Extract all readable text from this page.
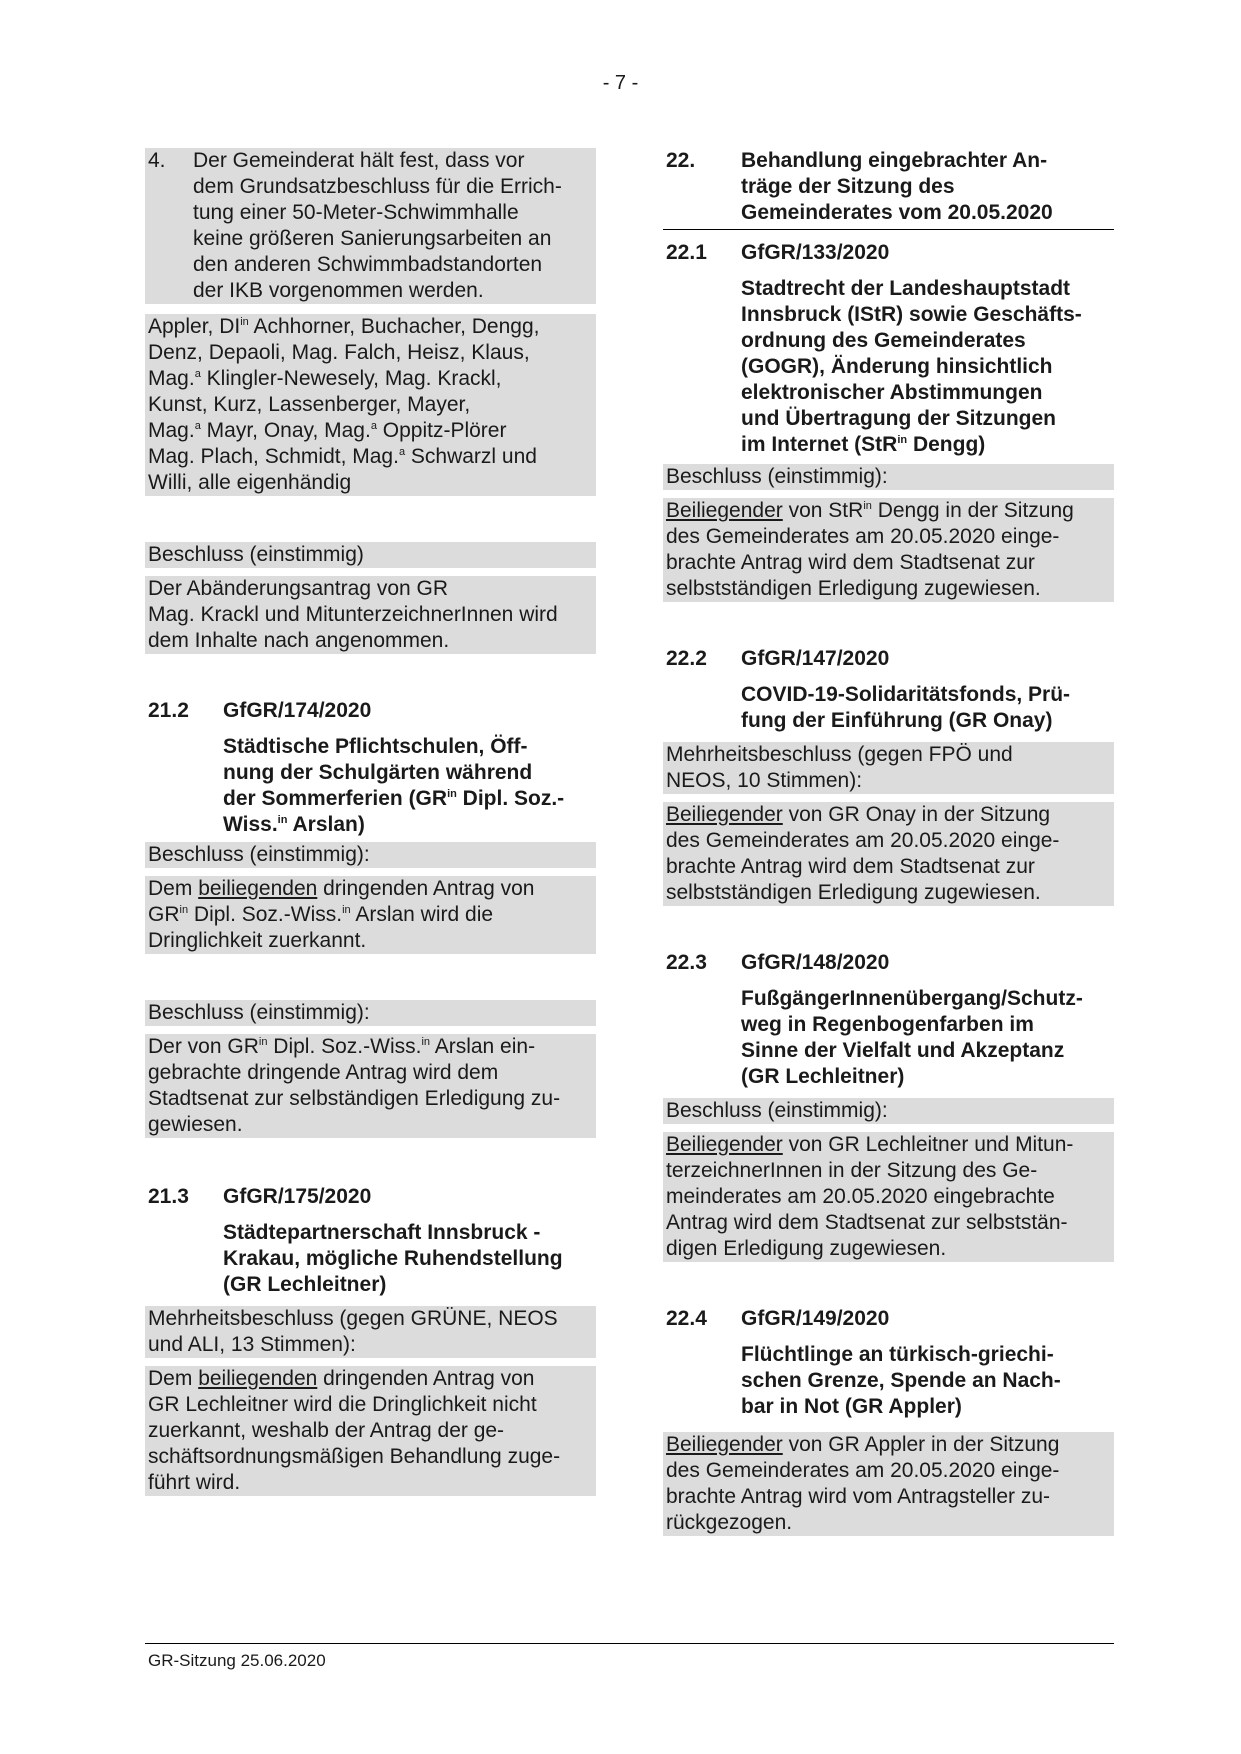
- 7 -
4.	Der Gemeinderat hält fest, dass vor
dem Grundsatzbeschluss für die Errich-
tung einer 50-Meter-Schwimmhalle
keine größeren Sanierungsarbeiten an
den anderen Schwimmbadstandorten
der IKB vorgenommen werden.
Appler, $DI^{in}$ Achhorner, Buchacher, Dengg,
Denz, Depaoli, Mag. Falch, Heisz, Klaus,
Mag.$^a$ Klingler-Newesely, Mag. Krackl,
Kunst, Kurz, Lassenberger, Mayer,
Mag.$^a$ Mayr, Onay, Mag.$^a$ Oppitz-Plörer
Mag. Plach, Schmidt, Mag.$^a$ Schwarzl und
Willi, alle eigenhändig
Beschluss (einstimmig)
Der Abänderungsantrag von GR
Mag. Krackl und MitunterzeichnerInnen wird
dem Inhalte nach angenommen.
21.2	GfGR/174/2020
Städtische Pflichtschulen, Öff-
nung der Schulgärten während
der Sommerferien ($GR^{in}$ Dipl. Soz.-
Wiss.$^{in}$ Arslan)
Beschluss (einstimmig):
Dem beiliegenden dringenden Antrag von
$GR^{in}$ Dipl. Soz.-Wiss.$^{in}$ Arslan wird die
Dringlichkeit zuerkannt.
Beschluss (einstimmig):
Der von $GR^{in}$ Dipl. Soz.-Wiss.$^{in}$ Arslan ein-
gebrachte dringende Antrag wird dem
Stadtsenat zur selbständigen Erledigung zu-
gewiesen.
21.3	GfGR/175/2020
Städtepartnerschaft Innsbruck -
Krakau, mögliche Ruhendstellung
(GR Lechleitner)
Mehrheitsbeschluss (gegen GRÜNE, NEOS
und ALI, 13 Stimmen):
Dem beiliegenden dringenden Antrag von
GR Lechleitner wird die Dringlichkeit nicht
zuerkannt, weshalb der Antrag der ge-
schäftsordnungsmäßigen Behandlung zuge-
führt wird.
22.	Behandlung eingebrachter An-
träge der Sitzung des
Gemeinderates vom 20.05.2020
22.1	GfGR/133/2020
Stadtrecht der Landeshauptstadt
Innsbruck (IStR) sowie Geschäfts-
ordnung des Gemeinderates
(GOGR), Änderung hinsichtlich
elektronischer Abstimmungen
und Übertragung der Sitzungen
im Internet (StR$^{in}$ Dengg)
Beschluss (einstimmig):
Beiliegender von StR$^{in}$ Dengg in der Sitzung
des Gemeinderates am 20.05.2020 einge-
brachte Antrag wird dem Stadtsenat zur
selbstständigen Erledigung zugewiesen.
22.2	GfGR/147/2020
COVID-19-Solidaritätsfonds, Prü-
fung der Einführung (GR Onay)
Mehrheitsbeschluss (gegen FPÖ und
NEOS, 10 Stimmen):
Beiliegender von GR Onay in der Sitzung
des Gemeinderates am 20.05.2020 einge-
brachte Antrag wird dem Stadtsenat zur
selbstständigen Erledigung zugewiesen.
22.3	GfGR/148/2020
FußgängerInnenübergang/Schutz-
weg in Regenbogenfarben im
Sinne der Vielfalt und Akzeptanz
(GR Lechleitner)
Beschluss (einstimmig):
Beiliegender von GR Lechleitner und Mitun-
terzeichnerInnen in der Sitzung des Ge-
meinderates am 20.05.2020 eingebrachte
Antrag wird dem Stadtsenat zur selbststän-
digen Erledigung zugewiesen.
22.4	GfGR/149/2020
Flüchtlinge an türkisch-griechi-
schen Grenze, Spende an Nach-
bar in Not (GR Appler)
Beiliegender von GR Appler in der Sitzung
des Gemeinderates am 20.05.2020 einge-
brachte Antrag wird vom Antragsteller zu-
rückgezogen.
GR-Sitzung 25.06.2020
